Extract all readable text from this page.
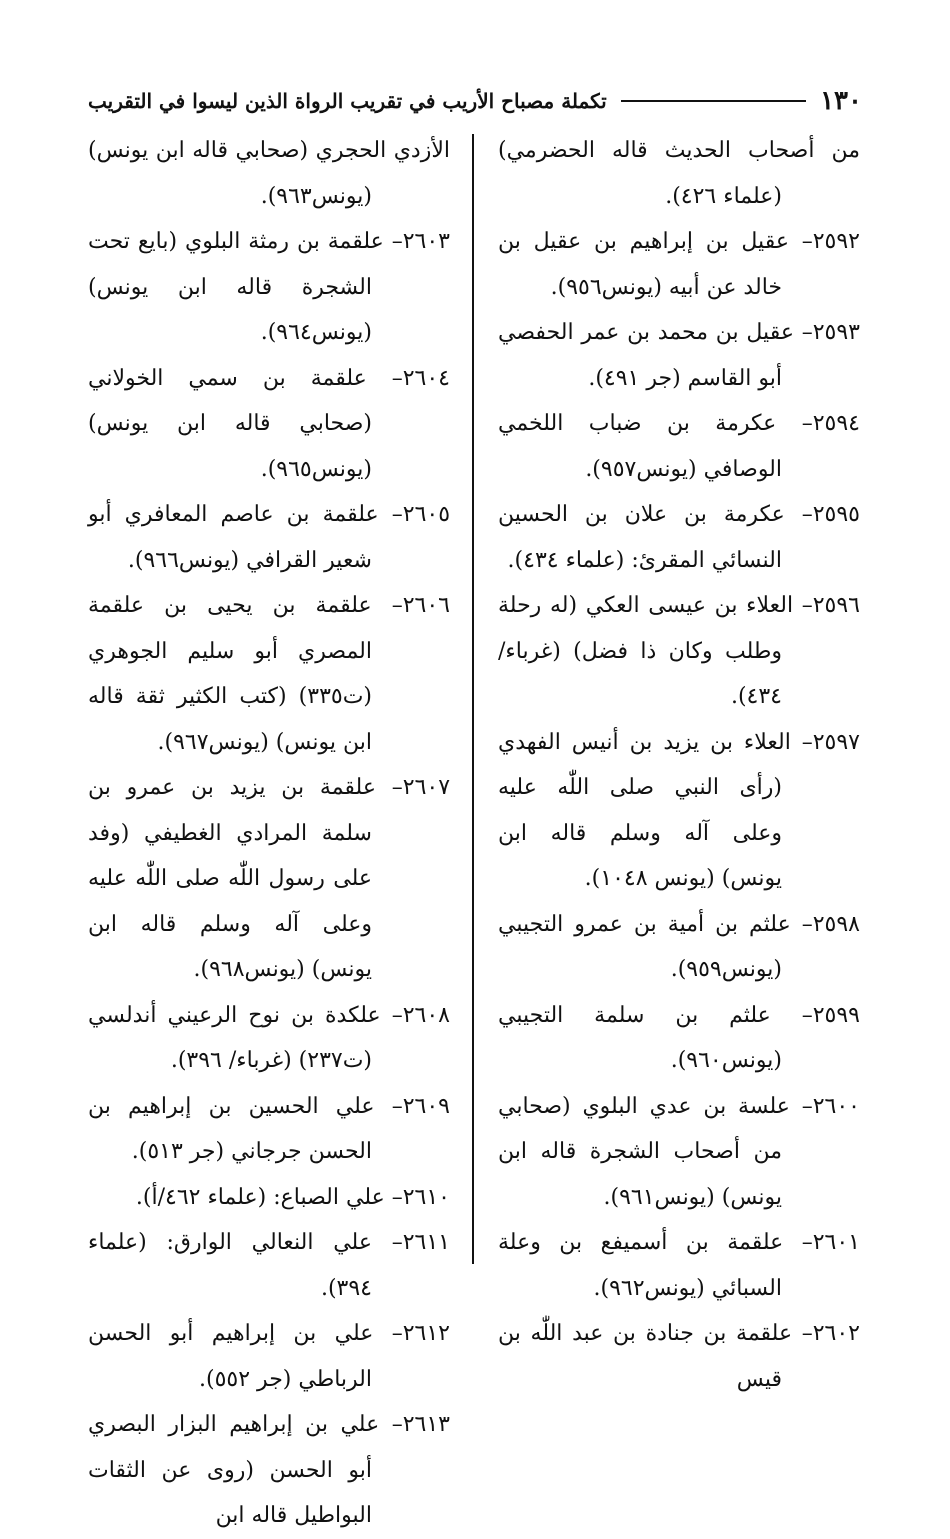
١٣٠
تكملة مصباح الأريب في تقريب الرواة الذين ليسوا في التقريب

من أصحاب الحديث قاله الحضرمي) (علماء ٤٢٦).

٢٥٩٢– عقيل بن إبراهيم بن عقيل بن خالد عن أبيه (يونس٩٥٦).

٢٥٩٣– عقيل بن محمد بن عمر الحفصي أبو القاسم (جر ٤٩١).

٢٥٩٤– عكرمة بن ضباب اللخمي الوصافي (يونس٩٥٧).

٢٥٩٥– عكرمة بن علان بن الحسين النسائي المقرئ: (علماء ٤٣٤).

٢٥٩٦– العلاء بن عيسى العكي (له رحلة وطلب وكان ذا فضل) (غرباء/ ٤٣٤).

٢٥٩٧– العلاء بن يزيد بن أنيس الفهدي (رأى النبي صلى اللّٰه عليه وعلى آله وسلم قاله ابن يونس) (يونس ١٠٤٨).

٢٥٩٨– علثم بن أمية بن عمرو التجيبي (يونس٩٥٩).

٢٥٩٩– علثم بن سلمة التجيبي (يونس٩٦٠).

٢٦٠٠– علسة بن عدي البلوي (صحابي من أصحاب الشجرة قاله ابن يونس) (يونس٩٦١).

٢٦٠١– علقمة بن أسميفع بن وعلة السبائي (يونس٩٦٢).

٢٦٠٢– علقمة بن جنادة بن عبد اللّٰه بن قيس

الأزدي الحجري (صحابي قاله ابن يونس) (يونس٩٦٣).

٢٦٠٣– علقمة بن رمثة البلوي (بايع تحت الشجرة قاله ابن يونس) (يونس٩٦٤).

٢٦٠٤– علقمة بن سمي الخولاني (صحابي قاله ابن يونس) (يونس٩٦٥).

٢٦٠٥– علقمة بن عاصم المعافري أبو شعير القرافي (يونس٩٦٦).

٢٦٠٦– علقمة بن يحيى بن علقمة المصري أبو سليم الجوهري (ت٣٣٥) (كتب الكثير ثقة قاله ابن يونس) (يونس٩٦٧).

٢٦٠٧– علقمة بن يزيد بن عمرو بن سلمة المرادي الغطيفي (وفد على رسول اللّٰه صلى اللّٰه عليه وعلى آله وسلم قاله ابن يونس) (يونس٩٦٨).

٢٦٠٨– علكدة بن نوح الرعيني أندلسي (ت٢٣٧) (غرباء/ ٣٩٦).

٢٦٠٩– علي الحسين بن إبراهيم بن الحسن جرجاني (جر ٥١٣).

٢٦١٠– علي الصباع: (علماء ٤٦٢/أ).

٢٦١١– علي النعالي الوارق: (علماء ٣٩٤).

٢٦١٢– علي بن إبراهيم أبو الحسن الرباطي (جر ٥٥٢).

٢٦١٣– علي بن إبراهيم البزار البصري أبو الحسن (روى عن الثقات البواطيل قاله ابن
